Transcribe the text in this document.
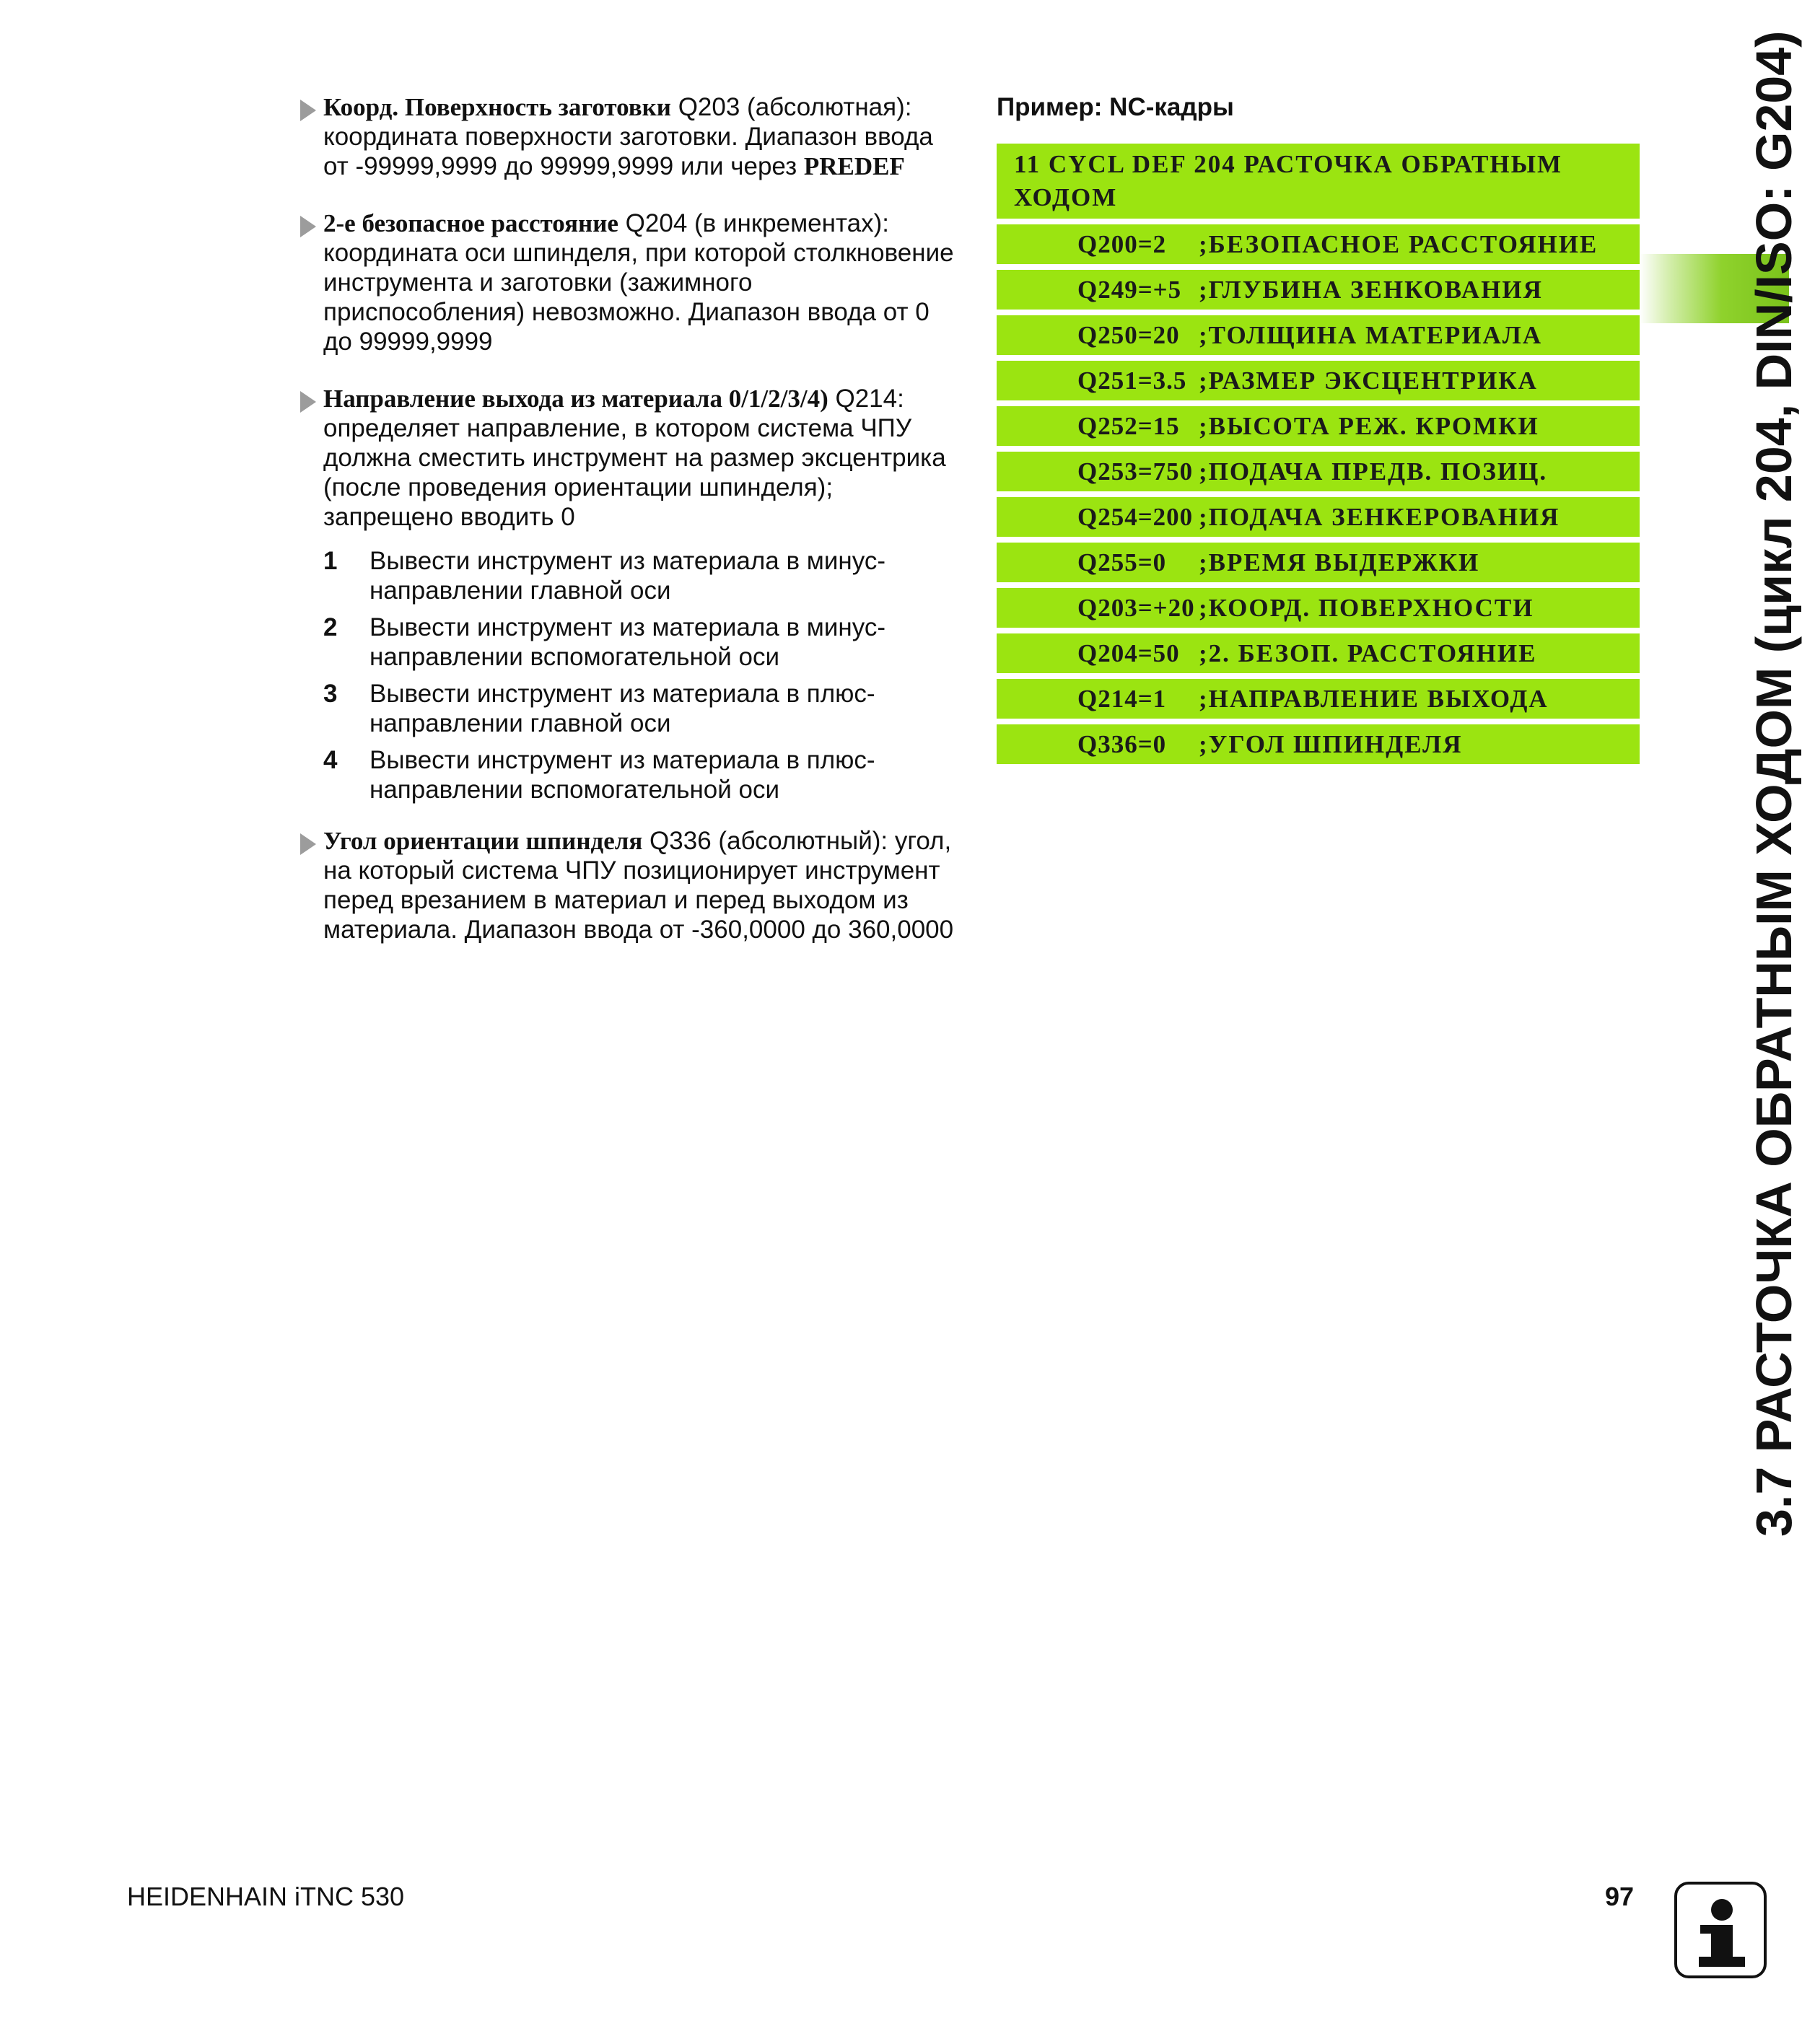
Коорд. Поверхность заготовки Q203 (абсолютная): координата поверхности заготовки. Диапазон ввода от -99999,9999 до 99999,9999 или через PREDEF
2-е безопасное расстояние Q204 (в инкрементах): координата оси шпинделя, при которой столкновение инструмента и заготовки (зажимного приспособления) невозможно. Диапазон ввода от 0 до 99999,9999
Направление выхода из материала 0/1/2/3/4) Q214: определяет направление, в котором система ЧПУ должна сместить инструмент на размер эксцентрика (после проведения ориентации шпинделя); запрещено вводить 0
1	Вывести инструмент из материала в минус-направлении главной оси
2	Вывести инструмент из материала в минус-направлении вспомогательной оси
3	Вывести инструмент из материала в плюс-направлении главной оси
4	Вывести инструмент из материала в плюс-направлении вспомогательной оси
Угол ориентации шпинделя Q336 (абсолютный): угол, на который система ЧПУ позиционирует инструмент перед врезанием в материал и перед выходом из материала. Диапазон ввода от -360,0000 до 360,0000
Пример: NC-кадры
11 CYCL DEF 204 РАСТОЧКА ОБРАТНЫМ ХОДОМ
Q200=2	;БЕЗОПАСНОЕ РАССТОЯНИЕ
Q249=+5 ;ГЛУБИНА ЗЕНКОВАНИЯ
Q250=20 ;ТОЛЩИНА МАТЕРИАЛА
Q251=3.5 ;РАЗМЕР ЭКСЦЕНТРИКА
Q252=15 ;ВЫСОТА РЕЖ. КРОМКИ
Q253=750 ;ПОДАЧА ПРЕДВ. ПОЗИЦ.
Q254=200 ;ПОДАЧА ЗЕНКЕРОВАНИЯ
Q255=0	;ВРЕМЯ ВЫДЕРЖКИ
Q203=+20 ;КООРД. ПОВЕРХНОСТИ
Q204=50 ;2. БЕЗОП. РАССТОЯНИЕ
Q214=1	;НАПРАВЛЕНИЕ ВЫХОДА
Q336=0	;УГОЛ ШПИНДЕЛЯ	3.7 РАСТОЧКА ОБРАТНЫМ ХОДОМ (цикл 204, DIN/ISO: G204)
HEIDENHAIN iTNC 530	97
